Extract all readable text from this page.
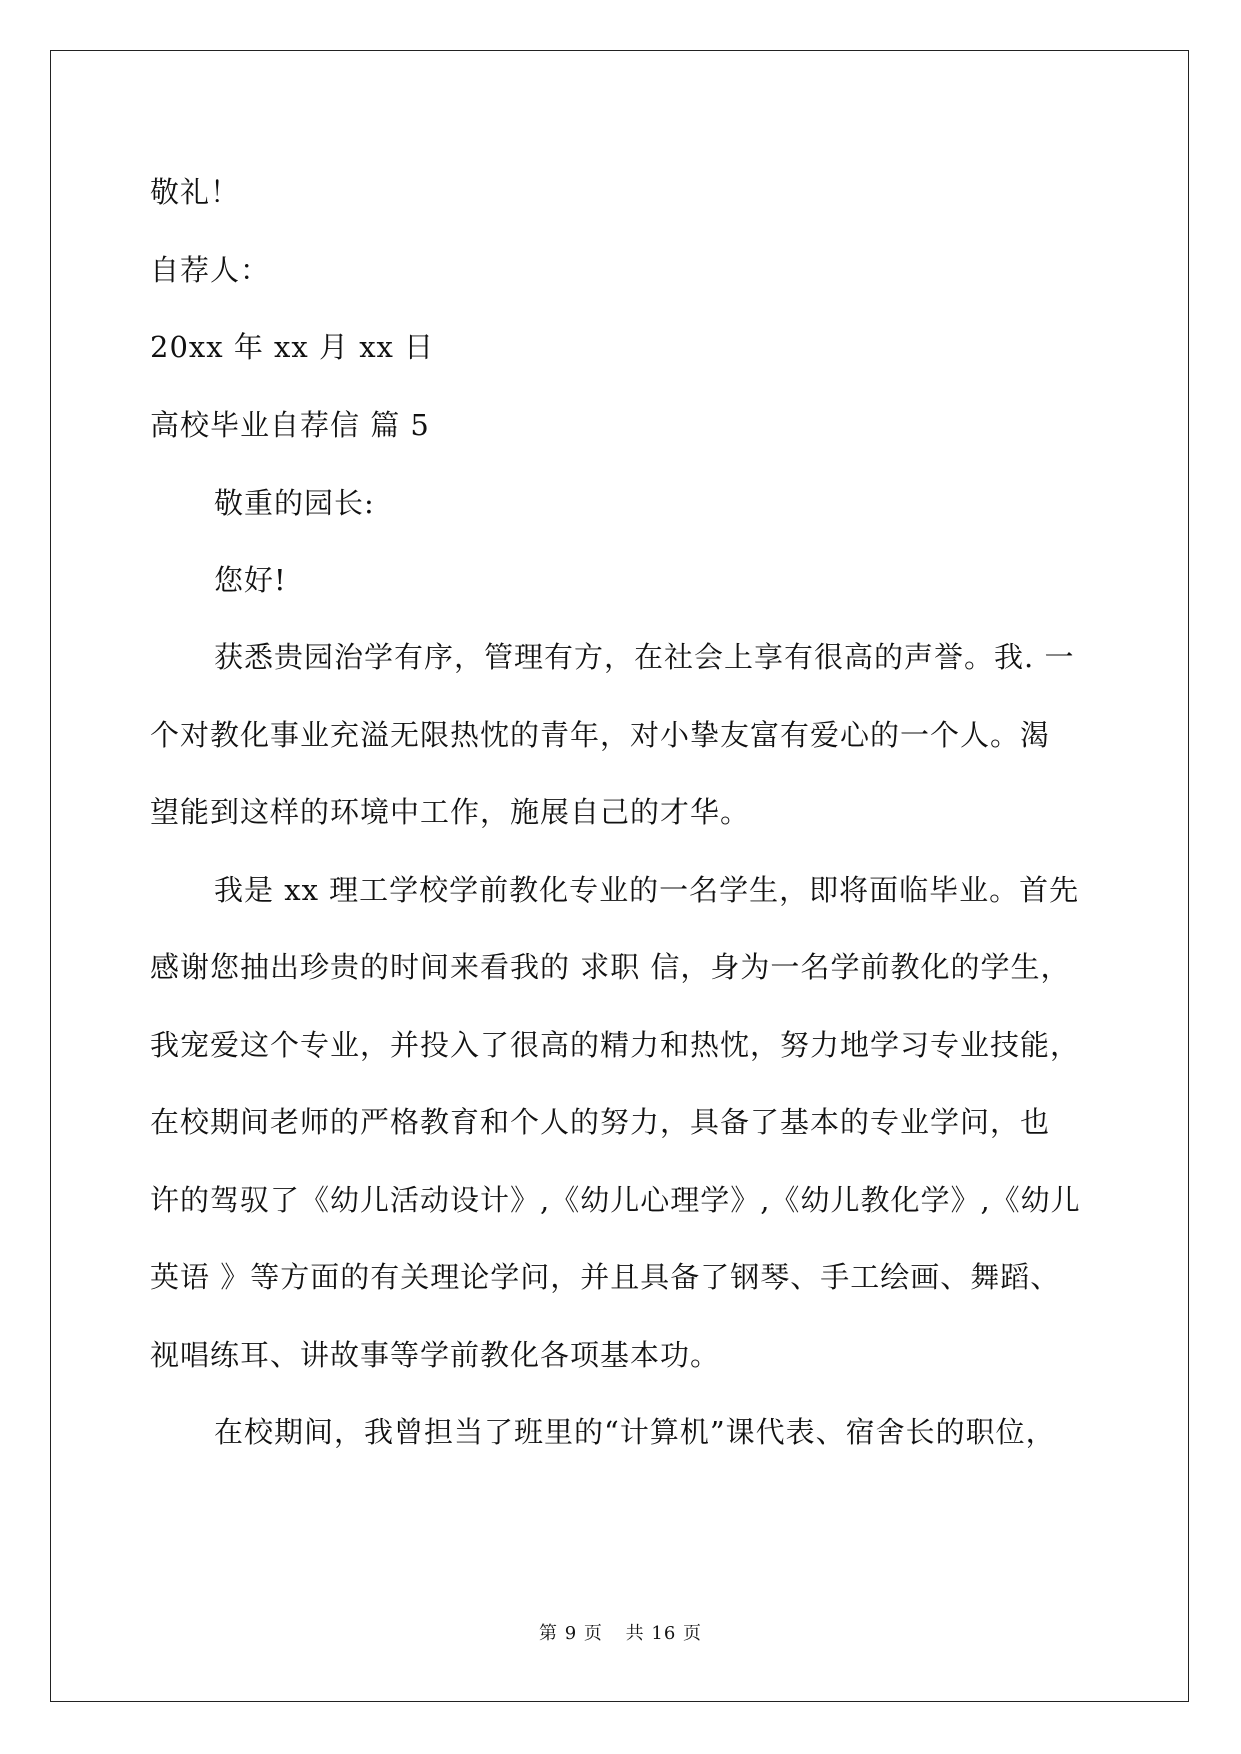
敬礼！
自荐人：
20xx 年 xx 月 xx 日
高校毕业自荐信 篇 5
敬重的园长:
您好!
获悉贵园治学有序，管理有方，在社会上享有很高的声誉。我. 一
个对教化事业充溢无限热忱的青年，对小挚友富有爱心的一个人。渴
望能到这样的环境中工作，施展自己的才华。
我是 xx 理工学校学前教化专业的一名学生，即将面临毕业。首先
感谢您抽出珍贵的时间来看我的 求职 信，身为一名学前教化的学生，
我宠爱这个专业，并投入了很高的精力和热忱，努力地学习专业技能，
在校期间老师的严格教育和个人的努力，具备了基本的专业学问，也
许的驾驭了《幼儿活动设计》,《幼儿心理学》,《幼儿教化学》,《幼儿
英语 》等方面的有关理论学问，并且具备了钢琴、手工绘画、舞蹈、
视唱练耳、讲故事等学前教化各项基本功。
在校期间，我曾担当了班里的“计算机”课代表、宿舍长的职位，
第 9 页 共 16 页
